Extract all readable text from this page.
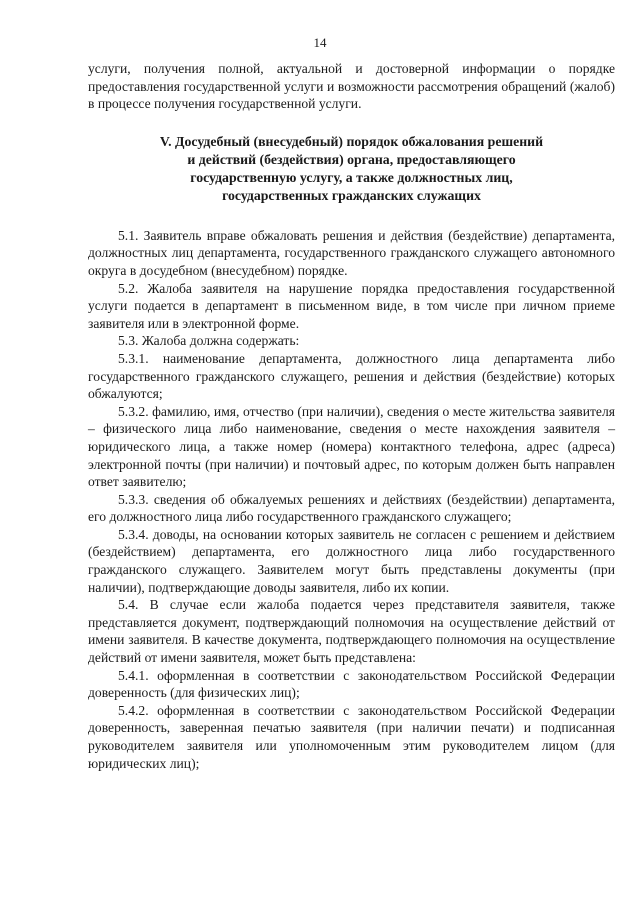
14

услуги, получения полной, актуальной и достоверной информации о порядке предоставления государственной услуги и возможности рассмотрения обращений (жалоб) в процессе получения государственной услуги.

V. Досудебный (внесудебный) порядок обжалования решений
и действий (бездействия) органа, предоставляющего
государственную услугу, а также должностных лиц,
государственных гражданских служащих

5.1. Заявитель вправе обжаловать решения и действия (бездействие) департамента, должностных лиц департамента, государственного гражданского служащего автономного округа в досудебном (внесудебном) порядке.

5.2. Жалоба заявителя на нарушение порядка предоставления государственной услуги подается в департамент в письменном виде, в том числе при личном приеме заявителя или в электронной форме.

5.3. Жалоба должна содержать:

5.3.1. наименование департамента, должностного лица департамента либо государственного гражданского служащего, решения и действия (бездействие) которых обжалуются;

5.3.2. фамилию, имя, отчество (при наличии), сведения о месте жительства заявителя – физического лица либо наименование, сведения о месте нахождения заявителя – юридического лица, а также номер (номера) контактного телефона, адрес (адреса) электронной почты (при наличии) и почтовый адрес, по которым должен быть направлен ответ заявителю;

5.3.3. сведения об обжалуемых решениях и действиях (бездействии) департамента, его должностного лица либо государственного гражданского служащего;

5.3.4. доводы, на основании которых заявитель не согласен с решением и действием (бездействием) департамента, его должностного лица либо государственного гражданского служащего. Заявителем могут быть представлены документы (при наличии), подтверждающие доводы заявителя, либо их копии.

5.4. В случае если жалоба подается через представителя заявителя, также представляется документ, подтверждающий полномочия на осуществление действий от имени заявителя. В качестве документа, подтверждающего полномочия на осуществление действий от имени заявителя, может быть представлена:

5.4.1. оформленная в соответствии с законодательством Российской Федерации доверенность (для физических лиц);

5.4.2. оформленная в соответствии с законодательством Российской Федерации доверенность, заверенная печатью заявителя (при наличии печати) и подписанная руководителем заявителя или уполномоченным этим руководителем лицом (для юридических лиц);
